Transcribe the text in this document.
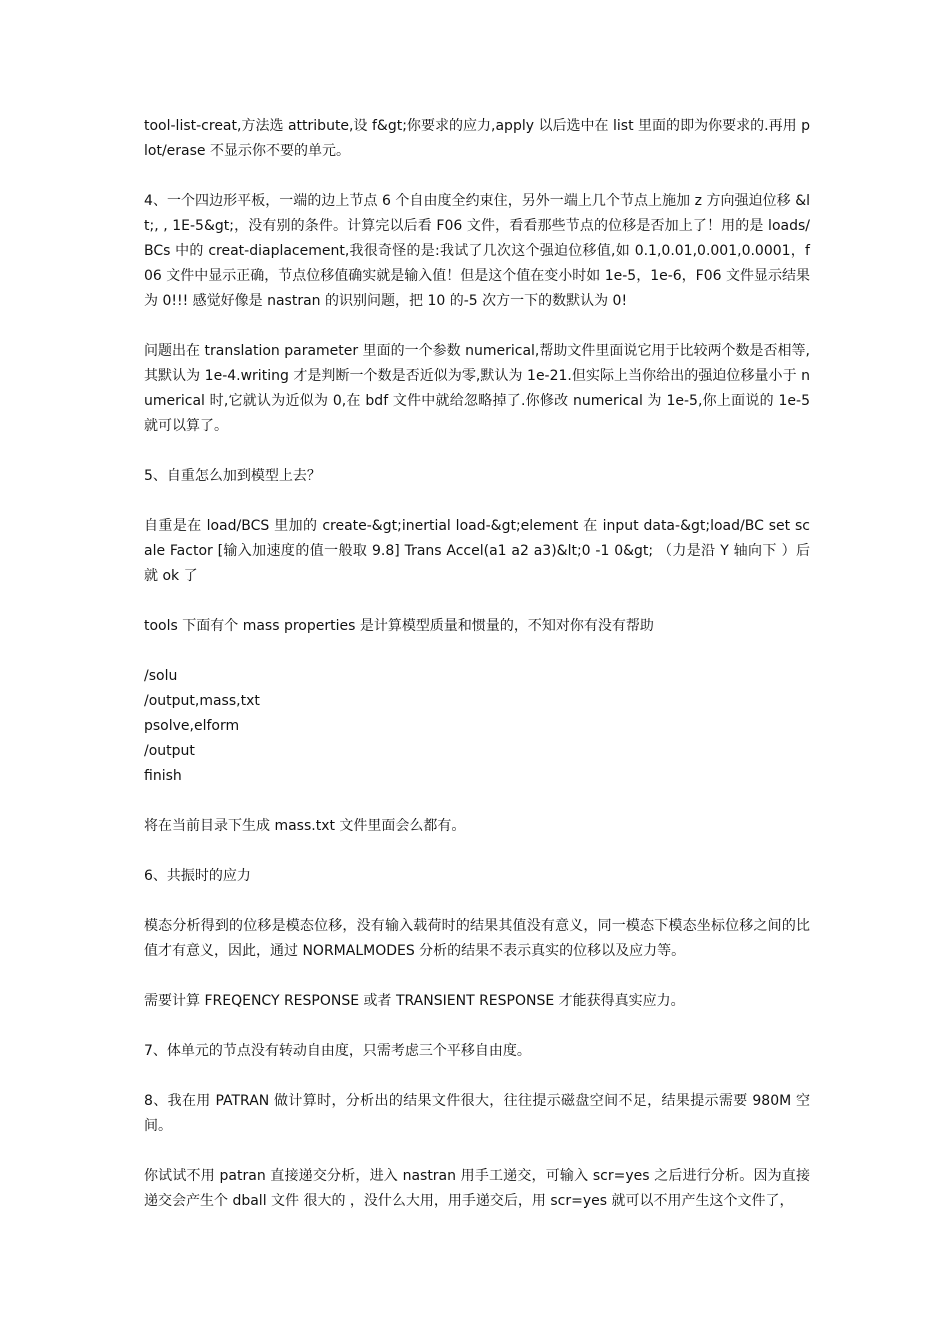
tool-list-creat,方法选 attribute,设 f&gt;你要求的应力,apply 以后选中在 list 里面的即为你要求的.再用 plot/erase 不显示你不要的单元。

4、一个四边形平板，一端的边上节点 6 个自由度全约束住，另外一端上几个节点上施加 z 方向强迫位移 &lt;, , 1E-5&gt;，没有别的条件。计算完以后看 F06 文件，看看那些节点的位移是否加上了！用的是 loads/BCs 中的 creat-diaplacement,我很奇怪的是:我试了几次这个强迫位移值,如 0.1,0.01,0.001,0.0001，f06 文件中显示正确，节点位移值确实就是输入值！但是这个值在变小时如 1e-5，1e-6，F06 文件显示结果为 0!!! 感觉好像是 nastran 的识别问题，把 10 的-5 次方一下的数默认为 0!

问题出在 translation parameter 里面的一个参数 numerical,帮助文件里面说它用于比较两个数是否相等,其默认为 1e-4.writing 才是判断一个数是否近似为零,默认为 1e-21.但实际上当你给出的强迫位移量小于 numerical 时,它就认为近似为 0,在 bdf 文件中就给忽略掉了.你修改 numerical 为 1e-5,你上面说的 1e-5 就可以算了。

5、自重怎么加到模型上去？

自重是在 load/BCS 里加的 create-&gt;inertial load-&gt;element 在 input data-&gt;load/BC set scale Factor [输入加速度的值一般取 9.8] Trans Accel(a1 a2 a3)&lt;0 -1 0&gt; （力是沿 Y 轴向下 ）后就 ok 了

tools 下面有个 mass properties 是计算模型质量和惯量的，不知对你有没有帮助

/solu
/output,mass,txt
psolve,elform
/output
finish

将在当前目录下生成 mass.txt 文件里面会么都有。

6、共振时的应力

模态分析得到的位移是模态位移，没有输入载荷时的结果其值没有意义，同一模态下模态坐标位移之间的比值才有意义，因此，通过 NORMALMODES 分析的结果不表示真实的位移以及应力等。

需要计算 FREQENCY RESPONSE 或者 TRANSIENT RESPONSE 才能获得真实应力。

7、体单元的节点没有转动自由度，只需考虑三个平移自由度。

8、我在用 PATRAN 做计算时，分析出的结果文件很大，往往提示磁盘空间不足，结果提示需要 980M 空间。

你试试不用 patran 直接递交分析，进入 nastran 用手工递交，可输入 scr=yes 之后进行分析。因为直接递交会产生个 dball 文件 很大的 ，没什么大用，用手递交后，用 scr=yes 就可以不用产生这个文件了，
